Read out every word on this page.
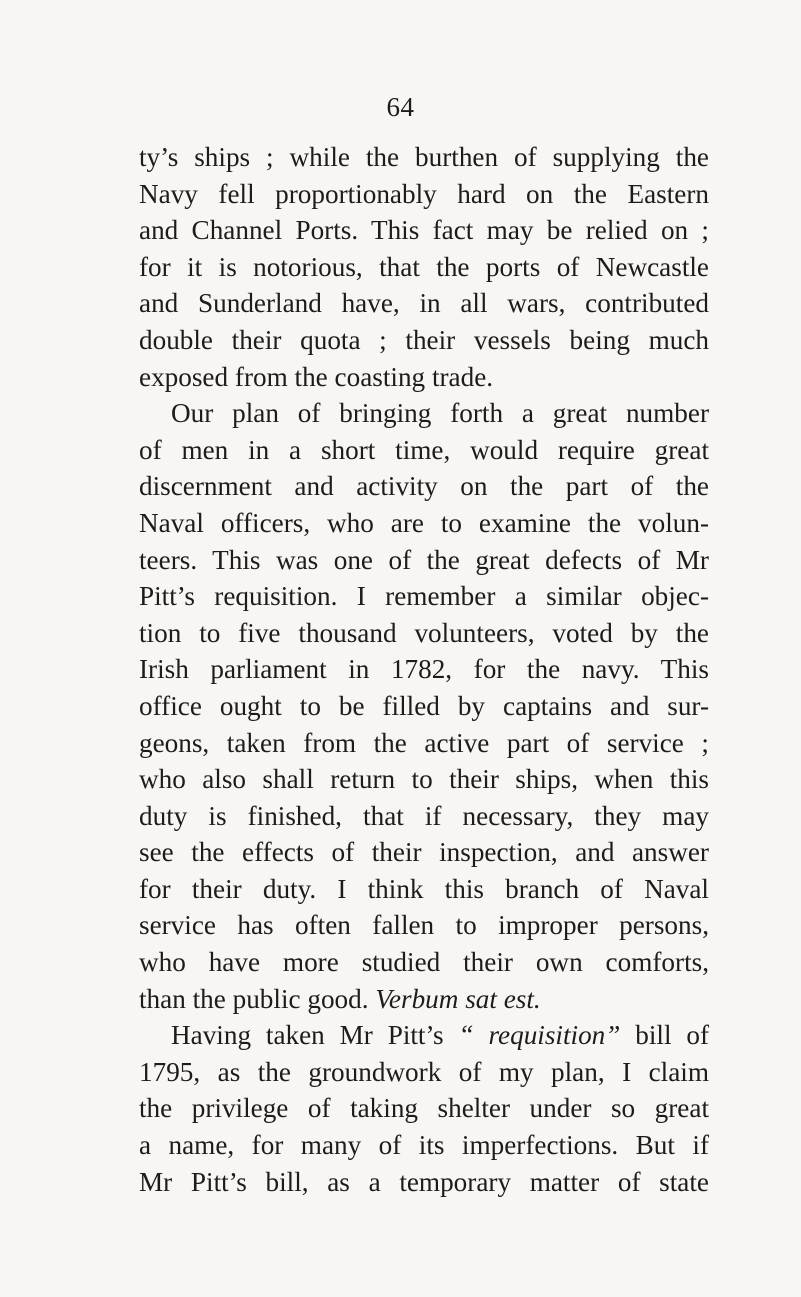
64
ty’s ships ; while the burthen of supplying the
Navy fell proportionably hard on the Eastern
and Channel Ports. This fact may be relied on ;
for it is notorious, that the ports of Newcastle
and Sunderland have, in all wars, contributed
double their quota ; their vessels being much
exposed from the coasting trade.
Our plan of bringing forth a great number
of men in a short time, would require great
discernment and activity on the part of the
Naval officers, who are to examine the volun-
teers. This was one of the great defects of Mr
Pitt’s requisition. I remember a similar objec-
tion to five thousand volunteers, voted by the
Irish parliament in 1782, for the navy. This
office ought to be filled by captains and sur-
geons, taken from the active part of service ;
who also shall return to their ships, when this
duty is finished, that if necessary, they may
see the effects of their inspection, and answer
for their duty. I think this branch of Naval
service has often fallen to improper persons,
who have more studied their own comforts,
than the public good. Verbum sat est.
Having taken Mr Pitt’s “ requisition” bill of
1795, as the groundwork of my plan, I claim
the privilege of taking shelter under so great
a name, for many of its imperfections. But if
Mr Pitt’s bill, as a temporary matter of state
